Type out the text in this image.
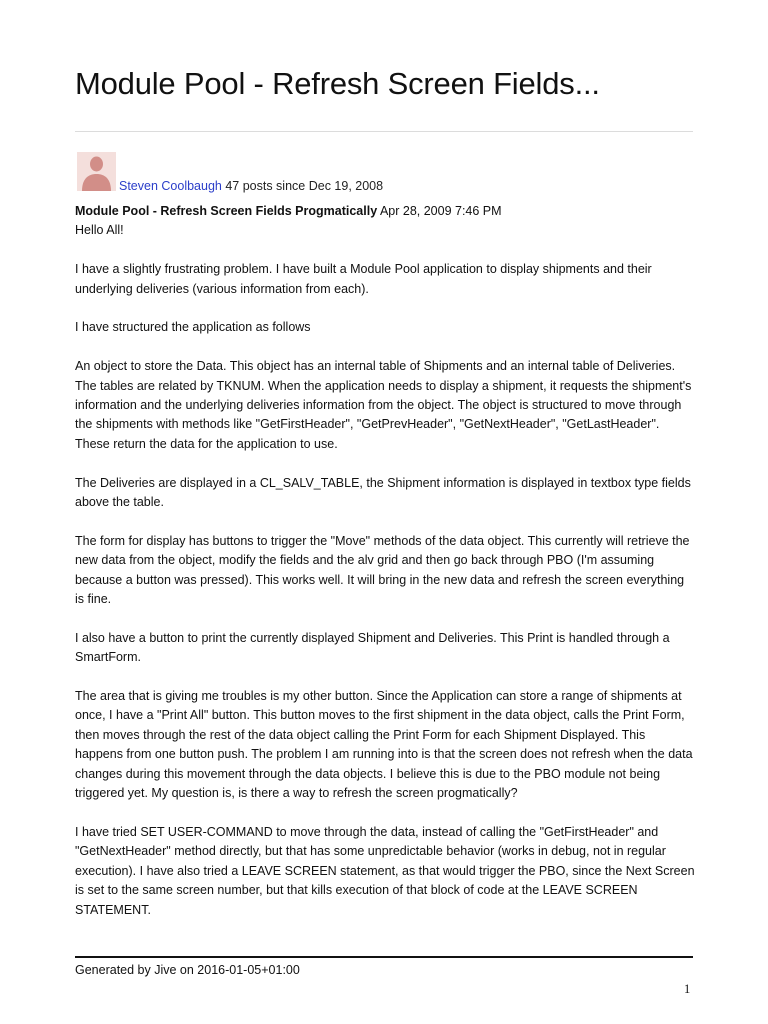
Module Pool - Refresh Screen Fields...
Steven Coolbaugh 47 posts since Dec 19, 2008

Module Pool - Refresh Screen Fields Progmatically Apr 28, 2009 7:46 PM

Hello All!

I have a slightly frustrating problem. I have built a Module Pool application to display shipments and their underlying deliveries (various information from each).

I have structured the application as follows

An object to store the Data. This object has an internal table of Shipments and an internal table of Deliveries. The tables are related by TKNUM. When the application needs to display a shipment, it requests the shipment's information and the underlying deliveries information from the object. The object is structured to move through the shipments with methods like "GetFirstHeader", "GetPrevHeader", "GetNextHeader", "GetLastHeader". These return the data for the application to use.

The Deliveries are displayed in a CL_SALV_TABLE, the Shipment information is displayed in textbox type fields above the table.

The form for display has buttons to trigger the "Move" methods of the data object. This currently will retrieve the new data from the object, modify the fields and the alv grid and then go back through PBO (I'm assuming because a button was pressed). This works well. It will bring in the new data and refresh the screen everything is fine.

I also have a button to print the currently displayed Shipment and Deliveries. This Print is handled through a SmartForm.

The area that is giving me troubles is my other button. Since the Application can store a range of shipments at once, I have a "Print All" button. This button moves to the first shipment in the data object, calls the Print Form, then moves through the rest of the data object calling the Print Form for each Shipment Displayed. This happens from one button push. The problem I am running into is that the screen does not refresh when the data changes during this movement through the data objects. I believe this is due to the PBO module not being triggered yet. My question is, is there a way to refresh the screen progmatically?

I have tried SET USER-COMMAND to move through the data, instead of calling the "GetFirstHeader" and "GetNextHeader" method directly, but that has some unpredictable behavior (works in debug, not in regular execution). I have also tried a LEAVE SCREEN statement, as that would trigger the PBO, since the Next Screen is set to the same screen number, but that kills execution of that block of code at the LEAVE SCREEN STATEMENT.

Generated by Jive on 2016-01-05+01:00
1
